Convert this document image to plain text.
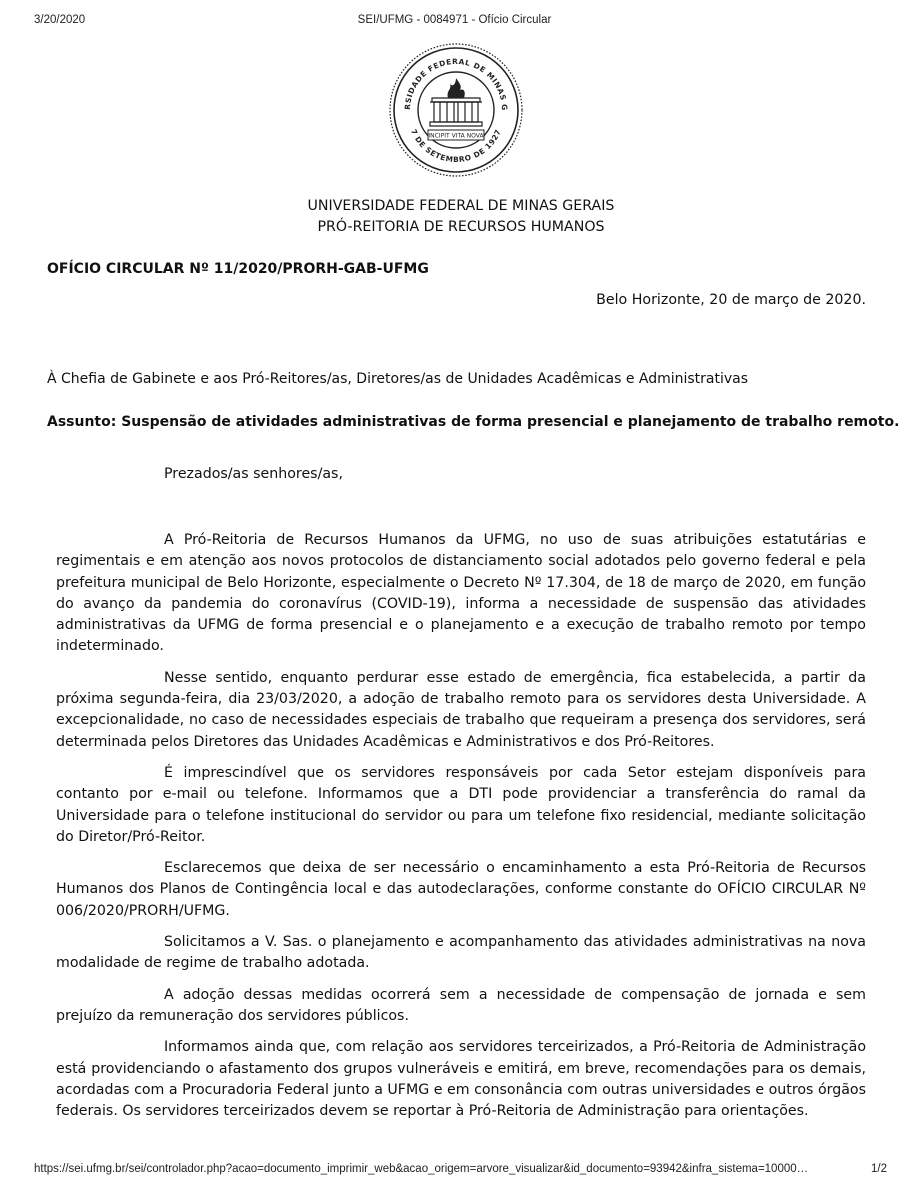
3/20/2020	SEI/UFMG - 0084971 - Ofício Circular
RSIDADE FEDERAL DE MINAS G
7 DE SETEMBRO DE 1927
INCIPIT VITA NOVA
UNIVERSIDADE FEDERAL DE MINAS GERAIS
PRÓ-REITORIA DE RECURSOS HUMANOS
OFÍCIO CIRCULAR Nº 11/2020/PRORH-GAB-UFMG
Belo Horizonte, 20 de março de 2020.
À Chefia de Gabinete e aos Pró-Reitores/as, Diretores/as de Unidades Acadêmicas e Administrativas
Assunto: Suspensão de atividades administrativas de forma presencial e planejamento de trabalho remoto.
Prezados/as senhores/as,

A Pró-Reitoria de Recursos Humanos da UFMG, no uso de suas atribuições estatutárias e regimentais e em atenção aos novos protocolos de distanciamento social adotados pelo governo federal e pela prefeitura municipal de Belo Horizonte, especialmente o Decreto Nº 17.304, de 18 de março de 2020, em função do avanço da pandemia do coronavírus (COVID-19), informa a necessidade de suspensão das atividades administrativas da UFMG de forma presencial e o planejamento e a execução de trabalho remoto por tempo indeterminado.

Nesse sentido, enquanto perdurar esse estado de emergência, fica estabelecida, a partir da próxima segunda-feira, dia 23/03/2020, a adoção de trabalho remoto para os servidores desta Universidade. A excepcionalidade, no caso de necessidades especiais de trabalho que requeiram a presença dos servidores, será determinada pelos Diretores das Unidades Acadêmicas e Administrativos e dos Pró-Reitores.

É imprescindível que os servidores responsáveis por cada Setor estejam disponíveis para contanto por e-mail ou telefone. Informamos que a DTI pode providenciar a transferência do ramal da Universidade para o telefone institucional do servidor ou para um telefone fixo residencial, mediante solicitação do Diretor/Pró-Reitor.

Esclarecemos que deixa de ser necessário o encaminhamento a esta Pró-Reitoria de Recursos Humanos dos Planos de Contingência local e das autodeclarações, conforme constante do OFÍCIO CIRCULAR Nº 006/2020/PRORH/UFMG.

Solicitamos a V. Sas. o planejamento e acompanhamento das atividades administrativas na nova modalidade de regime de trabalho adotada.

A adoção dessas medidas ocorrerá sem a necessidade de compensação de jornada e sem prejuízo da remuneração dos servidores públicos.

Informamos ainda que, com relação aos servidores terceirizados, a Pró-Reitoria de Administração está providenciando o afastamento dos grupos vulneráveis e emitirá, em breve, recomendações para os demais, acordadas com a Procuradoria Federal junto a UFMG e em consonância com outras universidades e outros órgãos federais. Os servidores terceirizados devem se reportar à Pró-Reitoria de Administração para orientações.

https://sei.ufmg.br/sei/controlador.php?acao=documento_imprimir_web&acao_origem=arvore_visualizar&id_documento=93942&infra_sistema=10000…	1/2
